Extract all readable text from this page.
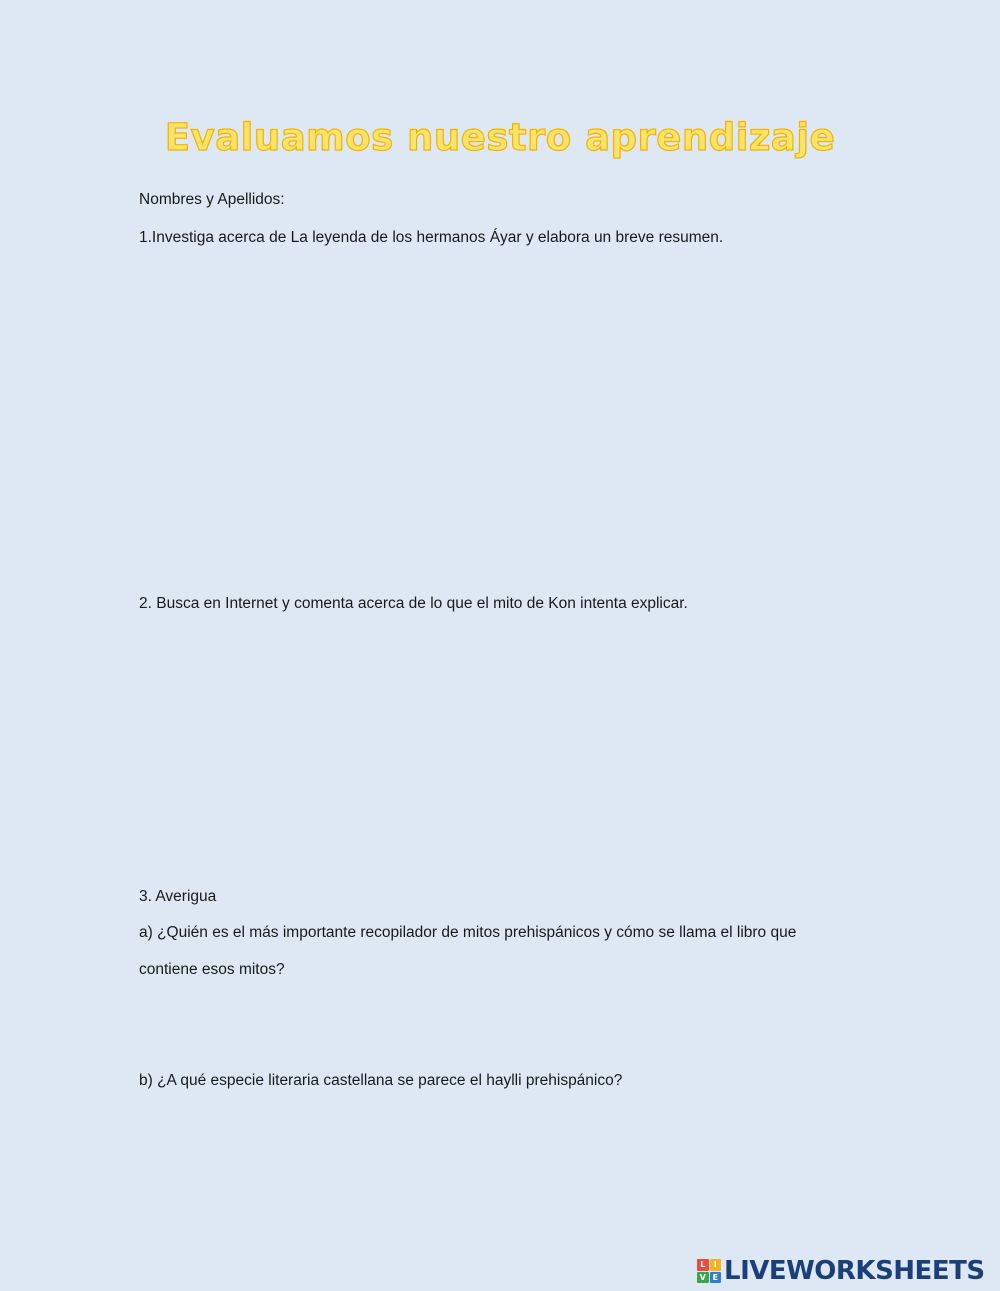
Evaluamos nuestro aprendizaje

Nombres y Apellidos:

1.Investiga acerca de La leyenda de los hermanos Áyar y elabora un breve resumen.

2. Busca en Internet y comenta acerca de lo que el mito de Kon intenta explicar.

3. Averigua

a) ¿Quién es el más importante recopilador de mitos prehispánicos y cómo se llama el libro que

contiene esos mitos?

b) ¿A qué especie literaria castellana se parece el haylli prehispánico?

L	I
V E LIVEWORKSHEETS
